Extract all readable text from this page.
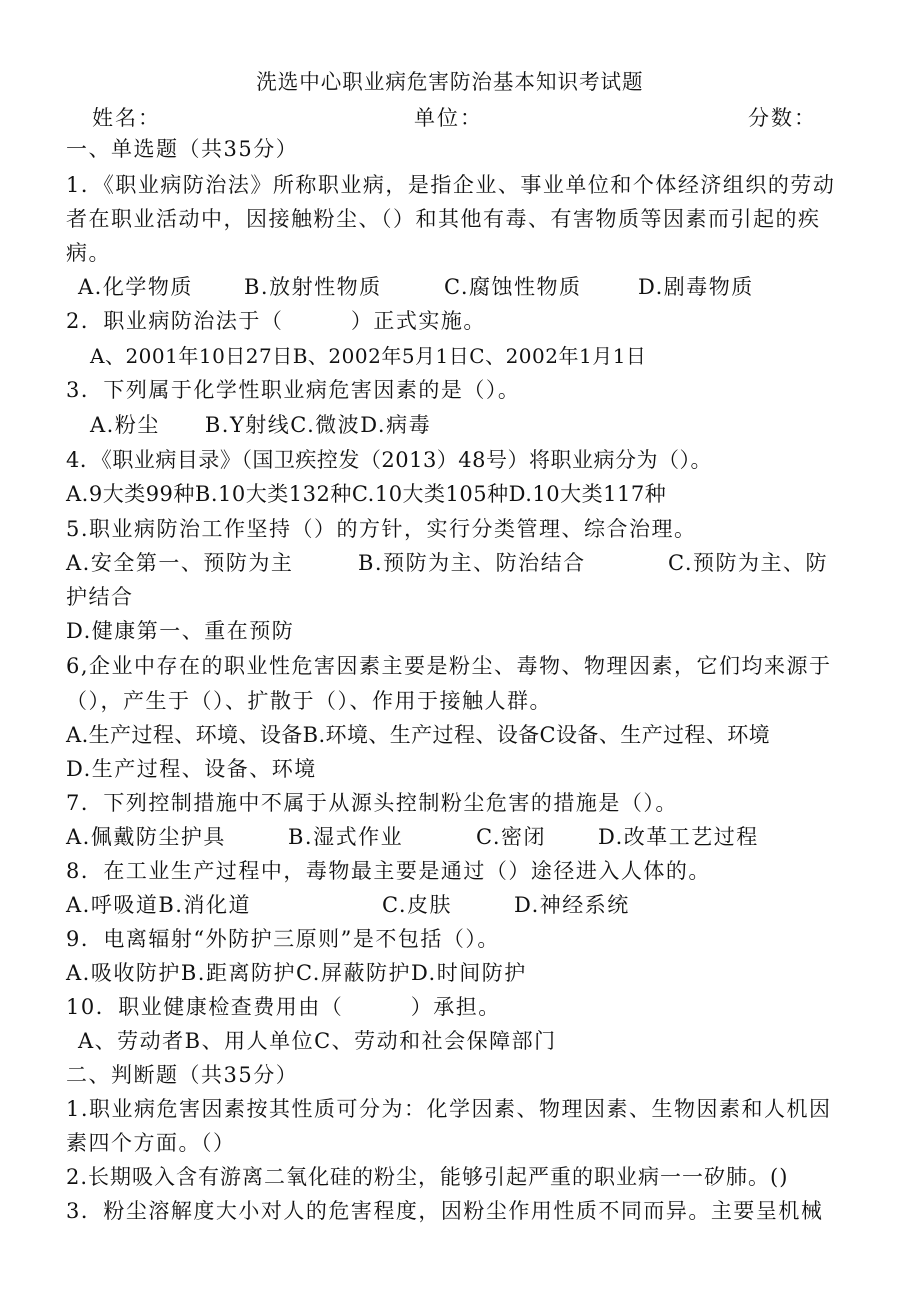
洗选中心职业病危害防治基本知识考试题
姓名：	单位：	分数：
一、单选题（共35分）
1．《职业病防治法》所称职业病，是指企业、事业单位和个体经济组织的劳动
者在职业活动中，因接触粉尘、（）和其他有毒、有害物质等因素而引起的疾
病。
A.化学物质 B.放射性物质	C.腐蚀性物质	D.剧毒物质
2．职业病防治法于（　　　）正式实施。
A、2001年10日27日B、2002年5月1日C、2002年1月1日
3．下列属于化学性职业病危害因素的是（）。
A.粉尘　　B.Y射线C.微波D.病毒
4．《职业病目录》（国卫疾控发（2013）48号）将职业病分为（）。
A.9大类99种B.10大类132种C.10大类105种D.10大类117种
5.职业病防治工作坚持（）的方针，实行分类管理、综合治理。
A.安全第一、预防为主	B.预防为主、防治结合	C.预防为主、防
护结合
D.健康第一、重在预防
6,企业中存在的职业性危害因素主要是粉尘、毒物、物理因素，它们均来源于
（），产生于（）、扩散于（）、作用于接触人群。
A.生产过程、环境、设备B.环境、生产过程、设备C设备、生产过程、环境
D.生产过程、设备、环境
7．下列控制措施中不属于从源头控制粉尘危害的措施是（）。
A.佩戴防尘护具	B.湿式作业	C.密闭 D.改革工艺过程
8．在工业生产过程中，毒物最主要是通过（）途径进入人体的。
A.呼吸道B.消化道	C.皮肤	D.神经系统
9．电离辐射“外防护三原则”是不包括（）。
A.吸收防护B.距离防护C.屏蔽防护D.时间防护
10．职业健康检查费用由（　　　）承担。
A、劳动者B、用人单位C、劳动和社会保障部门
二、判断题（共35分）
1.职业病危害因素按其性质可分为：化学因素、物理因素、生物因素和人机因
素四个方面。（）
2.长期吸入含有游离二氧化硅的粉尘，能够引起严重的职业病一一矽肺。()
3．粉尘溶解度大小对人的危害程度，因粉尘作用性质不同而异。主要呈机械
